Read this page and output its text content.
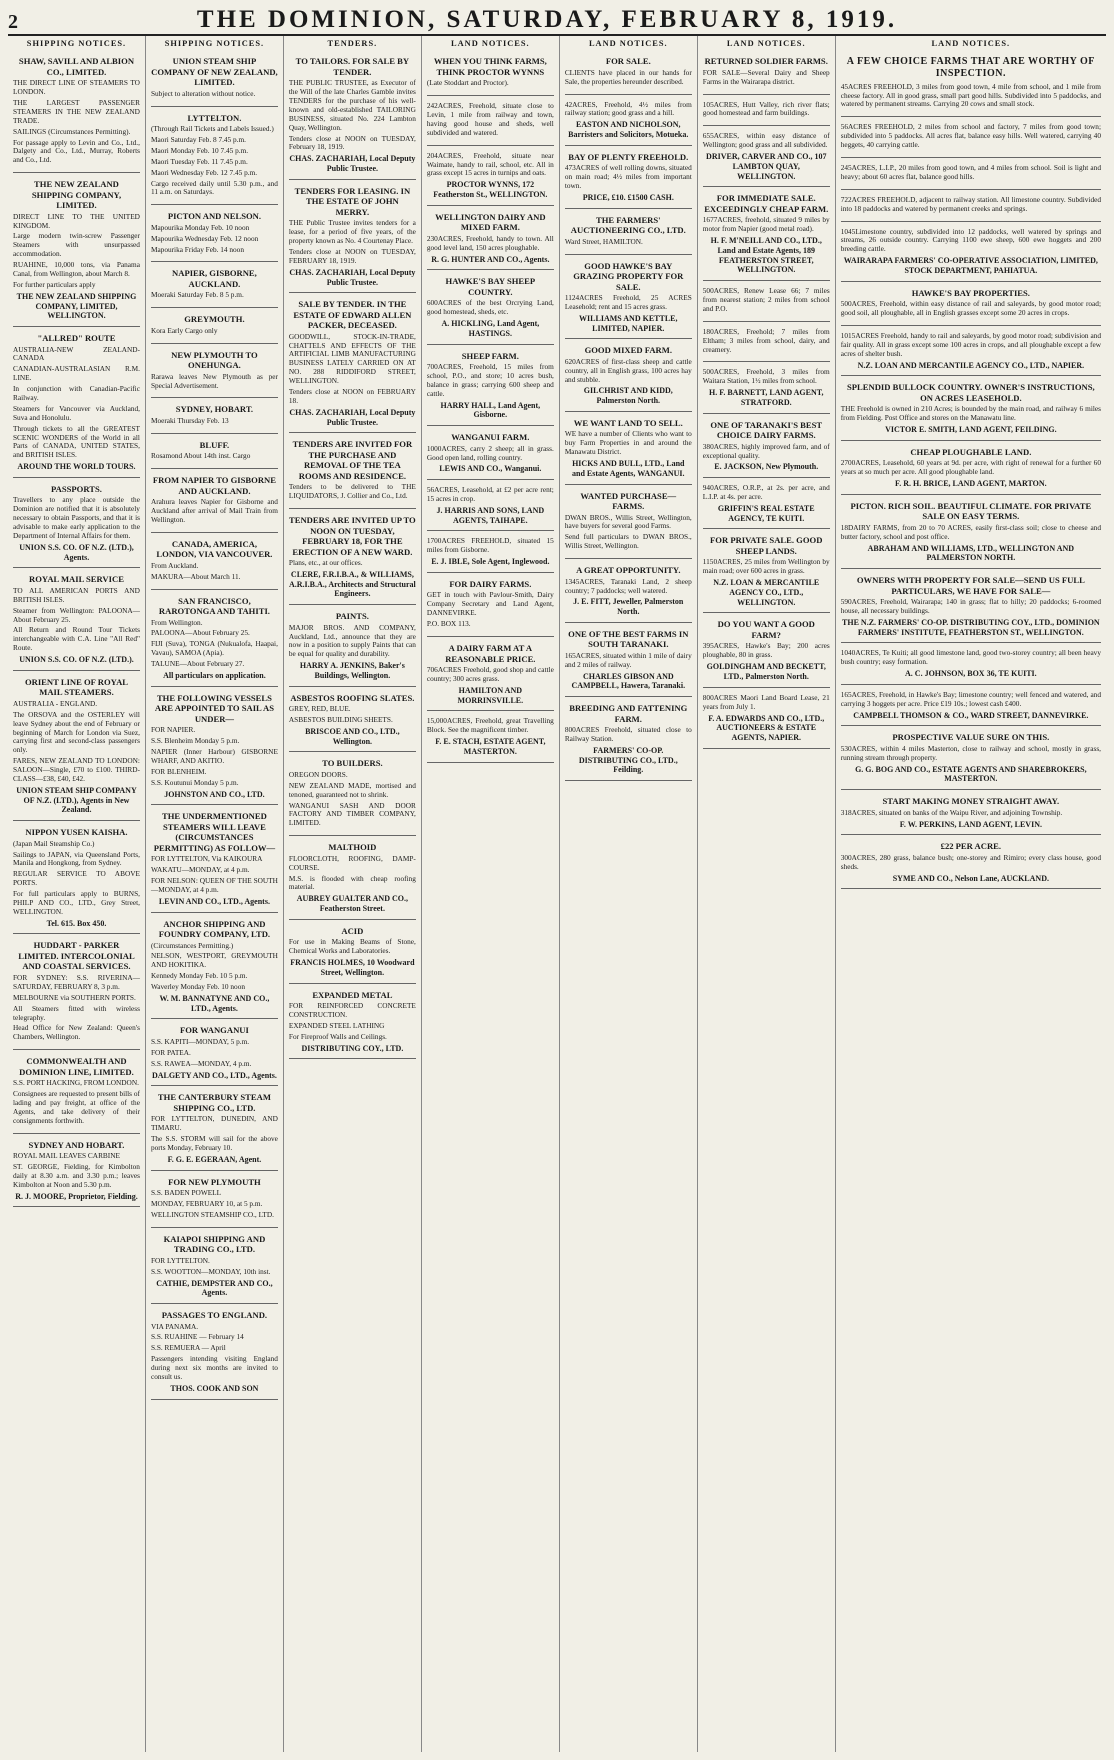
2	THE DOMINION, SATURDAY, FEBRUARY 8, 1919.
SHIPPING NOTICES.
SHAW, SAVILL AND ALBION CO., LIMITED.

THE DIRECT LINE OF STEAMERS TO LONDON.

THE LARGEST PASSENGER STEAMERS IN THE NEW ZEALAND TRADE.

SAILINGS (Circumstances Permitting).

For passage apply to Levin and Co., Ltd., Dalgety and Co., Ltd., Murray, Roberts and Co., Ltd.

THE NEW ZEALAND SHIPPING COMPANY, LIMITED.

DIRECT LINE TO THE UNITED KINGDOM.

Large modern twin-screw Passenger Steamers with unsurpassed accommodation.

RUAHINE, 10,000 tons, via Panama Canal, from Wellington, about March 8.

For further particulars apply

THE NEW ZEALAND SHIPPING COMPANY, LIMITED, WELLINGTON.
"ALLRED" ROUTE

AUSTRALIA-NEW ZEALAND-CANADA

CANADIAN-AUSTRALASIAN R.M. LINE.

In conjunction with Canadian-Pacific Railway.

Steamers for Vancouver via Auckland, Suva and Honolulu.

Through tickets to all the GREATEST SCENIC WONDERS of the World in all Parts of CANADA, UNITED STATES, and BRITISH ISLES.

AROUND THE WORLD TOURS.
PASSPORTS.

Travellers to any place outside the Dominion are notified that it is absolutely necessary to obtain Passports, and that it is advisable to make early application to the Department of Internal Affairs for them.

UNION S.S. CO. OF N.Z. (LTD.), Agents.
ROYAL MAIL SERVICE

TO ALL AMERICAN PORTS AND BRITISH ISLES.

Steamer from Wellington: PALOONA—About February 25.

All Return and Round Tour Tickets interchangeable with C.A. Line "All Red" Route.

UNION S.S. CO. OF N.Z. (LTD.).
ORIENT LINE OF ROYAL MAIL STEAMERS.

AUSTRALIA - ENGLAND.

The ORSOVA and the OSTERLEY will leave Sydney about the end of February or beginning of March for London via Suez, carrying first and second-class passengers only.

FARES, NEW ZEALAND TO LONDON: SALOON—Single, £70 to £100. THIRD-CLASS—£38, £40, £42.

UNION STEAM SHIP COMPANY OF N.Z. (LTD.), Agents in New Zealand.
NIPPON YUSEN KAISHA.

(Japan Mail Steamship Co.)

Sailings to JAPAN, via Queensland Ports, Manila and Hongkong, from Sydney.

REGULAR SERVICE TO ABOVE PORTS.

For full particulars apply to BURNS, PHILP AND CO., LTD., Grey Street, WELLINGTON.

Tel. 615. Box 450.
HUDDART - PARKER LIMITED. INTERCOLONIAL AND COASTAL SERVICES.

FOR SYDNEY: S.S. RIVERINA—SATURDAY, FEBRUARY 8, 3 p.m.

MELBOURNE via SOUTHERN PORTS.

All Steamers fitted with wireless telegraphy.

Head Office for New Zealand: Queen's Chambers, Wellington.

COMMONWEALTH AND DOMINION LINE, LIMITED.

S.S. PORT HACKING, FROM LONDON.

Consignees are requested to present bills of lading and pay freight, at office of the Agents, and take delivery of their consignments forthwith.

SYDNEY AND HOBART.

ROYAL MAIL LEAVES CARBINE

ST. GEORGE, Fielding, for Kimbolton daily at 8.30 a.m. and 3.30 p.m.; leaves Kimbolton at Noon and 5.30 p.m.

R. J. MOORE, Proprietor, Fielding.
SHIPPING NOTICES.
UNION STEAM SHIP COMPANY OF NEW ZEALAND, LIMITED.

Subject to alteration without notice.

LYTTELTON.

(Through Rail Tickets and Labels Issued.)

Maori Saturday Feb. 8 7.45 p.m.

Maori Monday Feb. 10 7.45 p.m.

Maori Tuesday Feb. 11 7.45 p.m.

Maori Wednesday Feb. 12 7.45 p.m.

Cargo received daily until 5.30 p.m., and 11 a.m. on Saturdays.

PICTON AND NELSON.

Mapourika Monday Feb. 10 noon

Mapourika Wednesday Feb. 12 noon

Mapourika Friday Feb. 14 noon

NAPIER, GISBORNE, AUCKLAND.

Moeraki Saturday Feb. 8 5 p.m.

GREYMOUTH.

Kora Early Cargo only

NEW PLYMOUTH TO ONEHUNGA.

Rarawa leaves New Plymouth as per Special Advertisement.

SYDNEY, HOBART.

Moeraki Thursday Feb. 13

BLUFF.

Rosamond About 14th inst. Cargo

FROM NAPIER TO GISBORNE AND AUCKLAND.

Arahura leaves Napier for Gisborne and Auckland after arrival of Mail Train from Wellington.

CANADA, AMERICA, LONDON, VIA VANCOUVER.

From Auckland.

MAKURA—About March 11.

SAN FRANCISCO, RAROTONGA AND TAHITI.

From Wellington.

PALOONA—About February 25.

FIJI (Suva), TONGA (Nukualofa, Haapai, Vavau), SAMOA (Apia).

TALUNE—About February 27.

All particulars on application.
THE FOLLOWING VESSELS ARE APPOINTED TO SAIL AS UNDER—

FOR NAPIER.

S.S. Blenheim Monday 5 p.m.

NAPIER (Inner Harbour) GISBORNE WHARF, AND AKITIO.

FOR BLENHEIM.

S.S. Koutunui Monday 5 p.m.

JOHNSTON AND CO., LTD.
THE UNDERMENTIONED STEAMERS WILL LEAVE (CIRCUMSTANCES PERMITTING) AS FOLLOW—

FOR LYTTELTON, Via KAIKOURA

WAKATU—MONDAY, at 4 p.m.

FOR NELSON: QUEEN OF THE SOUTH—MONDAY, at 4 p.m.

LEVIN AND CO., LTD., Agents.
ANCHOR SHIPPING AND FOUNDRY COMPANY, LTD.

(Circumstances Permitting.)

NELSON, WESTPORT, GREYMOUTH AND HOKITIKA.

Kennedy Monday Feb. 10 5 p.m.

Waverley Monday Feb. 10 noon

W. M. BANNATYNE AND CO., LTD., Agents.
FOR WANGANUI

S.S. KAPITI—MONDAY, 5 p.m.

FOR PATEA.

S.S. RAWEA—MONDAY, 4 p.m.

DALGETY AND CO., LTD., Agents.
THE CANTERBURY STEAM SHIPPING CO., LTD.

FOR LYTTELTON, DUNEDIN, AND TIMARU.

The S.S. STORM will sail for the above ports Monday, February 10.

F. G. E. EGERAAN, Agent.
FOR NEW PLYMOUTH

S.S. BADEN POWELL

MONDAY, FEBRUARY 10, at 5 p.m.

WELLINGTON STEAMSHIP CO., LTD.

KAIAPOI SHIPPING AND TRADING CO., LTD.

FOR LYTTELTON.

S.S. WOOTTON—MONDAY, 10th inst.

CATHIE, DEMPSTER AND CO., Agents.
PASSAGES TO ENGLAND.

VIA PANAMA.

S.S. RUAHINE — February 14

S.S. REMUERA — April

Passengers intending visiting England during next six months are invited to consult us.

THOS. COOK AND SON
TENDERS.
TO TAILORS. FOR SALE BY TENDER.

THE PUBLIC TRUSTEE, as Executor of the Will of the late Charles Gamble invites TENDERS for the purchase of his well-known and old-established TAILORING BUSINESS, situated No. 224 Lambton Quay, Wellington.

Tenders close at NOON on TUESDAY, February 18, 1919.

CHAS. ZACHARIAH, Local Deputy Public Trustee.
TENDERS FOR LEASING. IN THE ESTATE OF JOHN MERRY.

THE Public Trustee invites tenders for a lease, for a period of five years, of the property known as No. 4 Courtenay Place.

Tenders close at NOON on TUESDAY, FEBRUARY 18, 1919.

CHAS. ZACHARIAH, Local Deputy Public Trustee.
SALE BY TENDER. IN THE ESTATE OF EDWARD ALLEN PACKER, DECEASED.

GOODWILL, STOCK-IN-TRADE, CHATTELS AND EFFECTS OF THE ARTIFICIAL LIMB MANUFACTURING BUSINESS LATELY CARRIED ON AT NO. 288 RIDDIFORD STREET, WELLINGTON.

Tenders close at NOON on FEBRUARY 18.

CHAS. ZACHARIAH, Local Deputy Public Trustee.
TENDERS ARE INVITED FOR THE PURCHASE AND REMOVAL OF THE TEA ROOMS AND RESIDENCE.

Tenders to be delivered to THE LIQUIDATORS, J. Collier and Co., Ltd.

TENDERS ARE INVITED UP TO NOON ON TUESDAY, FEBRUARY 18, FOR THE ERECTION OF A NEW WARD.

Plans, etc., at our offices.

CLERE, F.R.I.B.A., & WILLIAMS, A.R.I.B.A., Architects and Structural Engineers.
PAINTS.

MAJOR BROS. AND COMPANY, Auckland, Ltd., announce that they are now in a position to supply Paints that can be equal for quality and durability.

HARRY A. JENKINS, Baker's Buildings, Wellington.
ASBESTOS ROOFING SLATES.

GREY, RED, BLUE.

ASBESTOS BUILDING SHEETS.

BRISCOE AND CO., LTD., Wellington.
TO BUILDERS.

OREGON DOORS.

NEW ZEALAND MADE, mortised and tenoned, guaranteed not to shrink.

WANGANUI SASH AND DOOR FACTORY AND TIMBER COMPANY, LIMITED.

MALTHOID

FLOORCLOTH, ROOFING, DAMP-COURSE.

M.S. is flooded with cheap roofing material.

AUBREY GUALTER AND CO., Featherston Street.
ACID

For use in Making Beams of Stone, Chemical Works and Laboratories.

FRANCIS HOLMES, 10 Woodward Street, Wellington.
EXPANDED METAL

FOR REINFORCED CONCRETE CONSTRUCTION.

EXPANDED STEEL LATHING

For Fireproof Walls and Ceilings.

DISTRIBUTING COY., LTD.
LAND NOTICES.
WHEN YOU THINK FARMS, THINK PROCTOR WYNNS

(Late Stoddart and Proctor).

242ACRES, Freehold, situate close to Levin, 1 mile from railway and town, having good house and sheds, well subdivided and watered.

204ACRES, Freehold, situate near Waimate, handy to rail, school, etc. All in grass except 15 acres in turnips and oats.

PROCTOR WYNNS, 172 Featherston St., WELLINGTON.
WELLINGTON DAIRY AND MIXED FARM.

230ACRES, Freehold, handy to town. All good level land, 150 acres ploughable.

R. G. HUNTER AND CO., Agents.
HAWKE'S BAY SHEEP COUNTRY.

600ACRES of the best Orcrying Land, good homestead, sheds, etc.

A. HICKLING, Land Agent, HASTINGS.
SHEEP FARM.

700ACRES, Freehold, 15 miles from school, P.O., and store; 10 acres bush, balance in grass; carrying 600 sheep and cattle.

HARRY HALL, Land Agent, Gisborne.
WANGANUI FARM.

1000ACRES, carry 2 sheep; all in grass. Good open land, rolling country.

LEWIS AND CO., Wanganui.

56ACRES, Leasehold, at £2 per acre rent; 15 acres in crop.

J. HARRIS AND SONS, LAND AGENTS, TAIHAPE.

1700ACRES FREEHOLD, situated 15 miles from Gisborne.

E. J. IBLE, Sole Agent, Inglewood.
FOR DAIRY FARMS.

GET in touch with Pavlour-Smith, Dairy Company Secretary and Land Agent, DANNEVIRKE.

P.O. BOX 113.

A DAIRY FARM AT A REASONABLE PRICE.

706ACRES Freehold, good shop and cattle country; 300 acres grass.

HAMILTON AND MORRINSVILLE.

15,000ACRES, Freehold, great Travelling Block. See the magnificent timber.

F. E. STACH, ESTATE AGENT, MASTERTON.
LAND NOTICES.
FOR SALE.

CLIENTS have placed in our hands for Sale, the properties hereunder described.

42ACRES, Freehold, 4½ miles from railway station; good grass and a hill.

EASTON AND NICHOLSON, Barristers and Solicitors, Motueka.
BAY OF PLENTY FREEHOLD.

473ACRES of well rolling downs, situated on main road; 4½ miles from important town.

PRICE, £10. £1500 CASH.
THE FARMERS' AUCTIONEERING CO., LTD.

Ward Street, HAMILTON.

GOOD HAWKE'S BAY GRAZING PROPERTY FOR SALE.

1124ACRES Freehold, 25 ACRES Leasehold; rent and 15 acres grass.

WILLIAMS AND KETTLE, LIMITED, NAPIER.
GOOD MIXED FARM.

620ACRES of first-class sheep and cattle country, all in English grass, 100 acres hay and stubble.

GILCHRIST AND KIDD, Palmerston North.
WE WANT LAND TO SELL.

WE have a number of Clients who want to buy Farm Properties in and around the Manawatu District.

HICKS AND BULL, LTD., Land and Estate Agents, WANGANUI.
WANTED PURCHASE—FARMS.

DWAN BROS., Willis Street, Wellington, have buyers for several good Farms.

Send full particulars to DWAN BROS., Willis Street, Wellington.

A GREAT OPPORTUNITY.

1345ACRES, Taranaki Land, 2 sheep country; 7 paddocks; well watered.

J. E. FITT, Jeweller, Palmerston North.
ONE OF THE BEST FARMS IN SOUTH TARANAKI.

165ACRES, situated within 1 mile of dairy and 2 miles of railway.

CHARLES GIBSON AND CAMPBELL, Hawera, Taranaki.
BREEDING AND FATTENING FARM.

800ACRES Freehold, situated close to Railway Station.

FARMERS' CO-OP. DISTRIBUTING CO., LTD., Feilding.
LAND NOTICES.
RETURNED SOLDIER FARMS.

FOR SALE—Several Dairy and Sheep Farms in the Wairarapa district.

105ACRES, Hutt Valley, rich river flats; good homestead and farm buildings.

655ACRES, within easy distance of Wellington; good grass and all subdivided.

DRIVER, CARVER AND CO., 107 LAMBTON QUAY, WELLINGTON.
FOR IMMEDIATE SALE. EXCEEDINGLY CHEAP FARM.

1677ACRES, freehold, situated 9 miles by motor from Napier (good metal road).

H. F. M'NEILL AND CO., LTD., Land and Estate Agents, 189 FEATHERSTON STREET, WELLINGTON.

500ACRES, Renew Lease 66; 7 miles from nearest station; 2 miles from school and P.O.

180ACRES, Freehold; 7 miles from Eltham; 3 miles from school, dairy, and creamery.

500ACRES, Freehold, 3 miles from Waitara Station, 1½ miles from school.

H. F. BARNETT, LAND AGENT, STRATFORD.
ONE OF TARANAKI'S BEST CHOICE DAIRY FARMS.

380ACRES, highly improved farm, and of exceptional quality.

E. JACKSON, New Plymouth.

940ACRES, O.R.P., at 2s. per acre, and L.I.P. at 4s. per acre.

GRIFFIN'S REAL ESTATE AGENCY, TE KUITI.
FOR PRIVATE SALE. GOOD SHEEP LANDS.

1150ACRES, 25 miles from Wellington by main road; over 600 acres in grass.

N.Z. LOAN & MERCANTILE AGENCY CO., LTD., WELLINGTON.
DO YOU WANT A GOOD FARM?

395ACRES, Hawke's Bay; 200 acres ploughable, 80 in grass.

GOLDINGHAM AND BECKETT, LTD., Palmerston North.

800ACRES Maori Land Board Lease, 21 years from July 1.

F. A. EDWARDS AND CO., LTD., AUCTIONEERS & ESTATE AGENTS, NAPIER.
LAND NOTICES.
A FEW CHOICE FARMS THAT ARE WORTHY OF INSPECTION.

45ACRES FREEHOLD, 3 miles from good town, 4 mile from school, and 1 mile from cheese factory. All in good grass, small part good hills. Subdivided into 5 paddocks, and watered by permanent streams. Carrying 20 cows and small stock.

56ACRES FREEHOLD, 2 miles from school and factory, 7 miles from good town; subdivided into 5 paddocks. All acres flat, balance easy hills. Well watered, carrying 40 heggets, 40 carrying cattle.

245ACRES, L.I.P., 20 miles from good town, and 4 miles from school. Soil is light and heavy; about 60 acres flat, balance good hills.

722ACRES FREEHOLD, adjacent to railway station. All limestone country. Subdivided into 18 paddocks and watered by permanent creeks and springs.

1045Limestone country, subdivided into 12 paddocks, well watered by springs and streams, 26 outside country. Carrying 1100 ewe sheep, 600 ewe hoggets and 200 breeding cattle.

WAIRARAPA FARMERS' CO-OPERATIVE ASSOCIATION, LIMITED, STOCK DEPARTMENT, PAHIATUA.
HAWKE'S BAY PROPERTIES.

500ACRES, Freehold, within easy distance of rail and saleyards, by good motor road; good soil, all ploughable, all in English grasses except some 20 acres in crops.

1015ACRES Freehold, handy to rail and saleyards, by good motor road; subdivision and fair quality. All in grass except some 100 acres in crops, and all ploughable except a few acres of shelter bush.

N.Z. LOAN AND MERCANTILE AGENCY CO., LTD., NAPIER.
SPLENDID BULLOCK COUNTRY. OWNER'S INSTRUCTIONS, ON ACRES LEASEHOLD.

THE Freehold is owned in 210 Acres; is bounded by the main road, and railway 6 miles from Fielding. Post Office and stores on the Manawatu line.

VICTOR E. SMITH, LAND AGENT, FEILDING.
CHEAP PLOUGHABLE LAND.

2700ACRES, Leasehold, 60 years at 9d. per acre, with right of renewal for a further 60 years at so much per acre. All good ploughable land.

F. R. H. BRICE, LAND AGENT, MARTON.
PICTON. RICH SOIL. BEAUTIFUL CLIMATE. FOR PRIVATE SALE ON EASY TERMS.

18DAIRY FARMS, from 20 to 70 ACRES, easily first-class soil; close to cheese and butter factory, school and post office.

ABRAHAM AND WILLIAMS, LTD., WELLINGTON AND PALMERSTON NORTH.
OWNERS WITH PROPERTY FOR SALE—SEND US FULL PARTICULARS, WE HAVE FOR SALE—

590ACRES, Freehold, Wairarapa; 140 in grass; flat to hilly; 20 paddocks; 6-roomed house, all necessary buildings.

THE N.Z. FARMERS' CO-OP. DISTRIBUTING COY., LTD., DOMINION FARMERS' INSTITUTE, FEATHERSTON ST., WELLINGTON.

1040ACRES, Te Kuiti; all good limestone land, good two-storey country; all been heavy bush country; easy formation.

A. C. JOHNSON, BOX 36, TE KUITI.

165ACRES, Freehold, in Hawke's Bay; limestone country; well fenced and watered, and carrying 3 hoggets per acre. Price £19 10s.; lowest cash £400.

CAMPBELL THOMSON & CO., WARD STREET, DANNEVIRKE.
PROSPECTIVE VALUE SURE ON THIS.

530ACRES, within 4 miles Masterton, close to railway and school, mostly in grass, running stream through property.

G. G. BOG AND CO., ESTATE AGENTS AND SHAREBROKERS, MASTERTON.
START MAKING MONEY STRAIGHT AWAY.

318ACRES, situated on banks of the Waipu River, and adjoining Township.

F. W. PERKINS, LAND AGENT, LEVIN.
£22 PER ACRE.

300ACRES, 280 grass, balance bush; one-storey and Rimiro; every class house, good sheds.

SYME AND CO., Nelson Lane, AUCKLAND.
